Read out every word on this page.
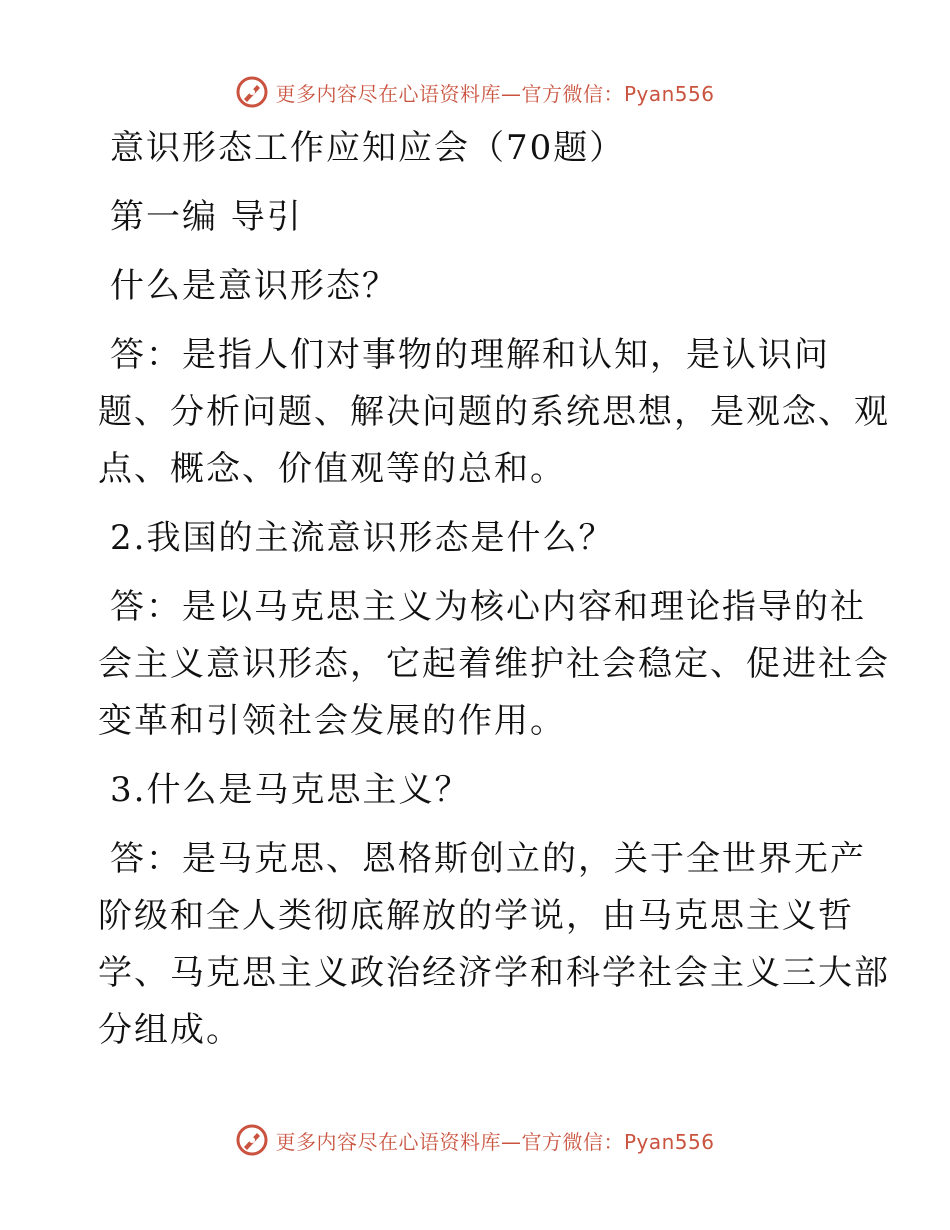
更多内容尽在心语资料库—官方微信：Pyan556
意识形态工作应知应会（70题）
第一编 导引
什么是意识形态？
答：是指人们对事物的理解和认知，是认识问
题、分析问题、解决问题的系统思想，是观念、观
点、概念、价值观等的总和。
2.我国的主流意识形态是什么？
答：是以马克思主义为核心内容和理论指导的社
会主义意识形态，它起着维护社会稳定、促进社会
变革和引领社会发展的作用。
3.什么是马克思主义？
答：是马克思、恩格斯创立的，关于全世界无产
阶级和全人类彻底解放的学说，由马克思主义哲
学、马克思主义政治经济学和科学社会主义三大部
分组成。
更多内容尽在心语资料库—官方微信：Pyan556
